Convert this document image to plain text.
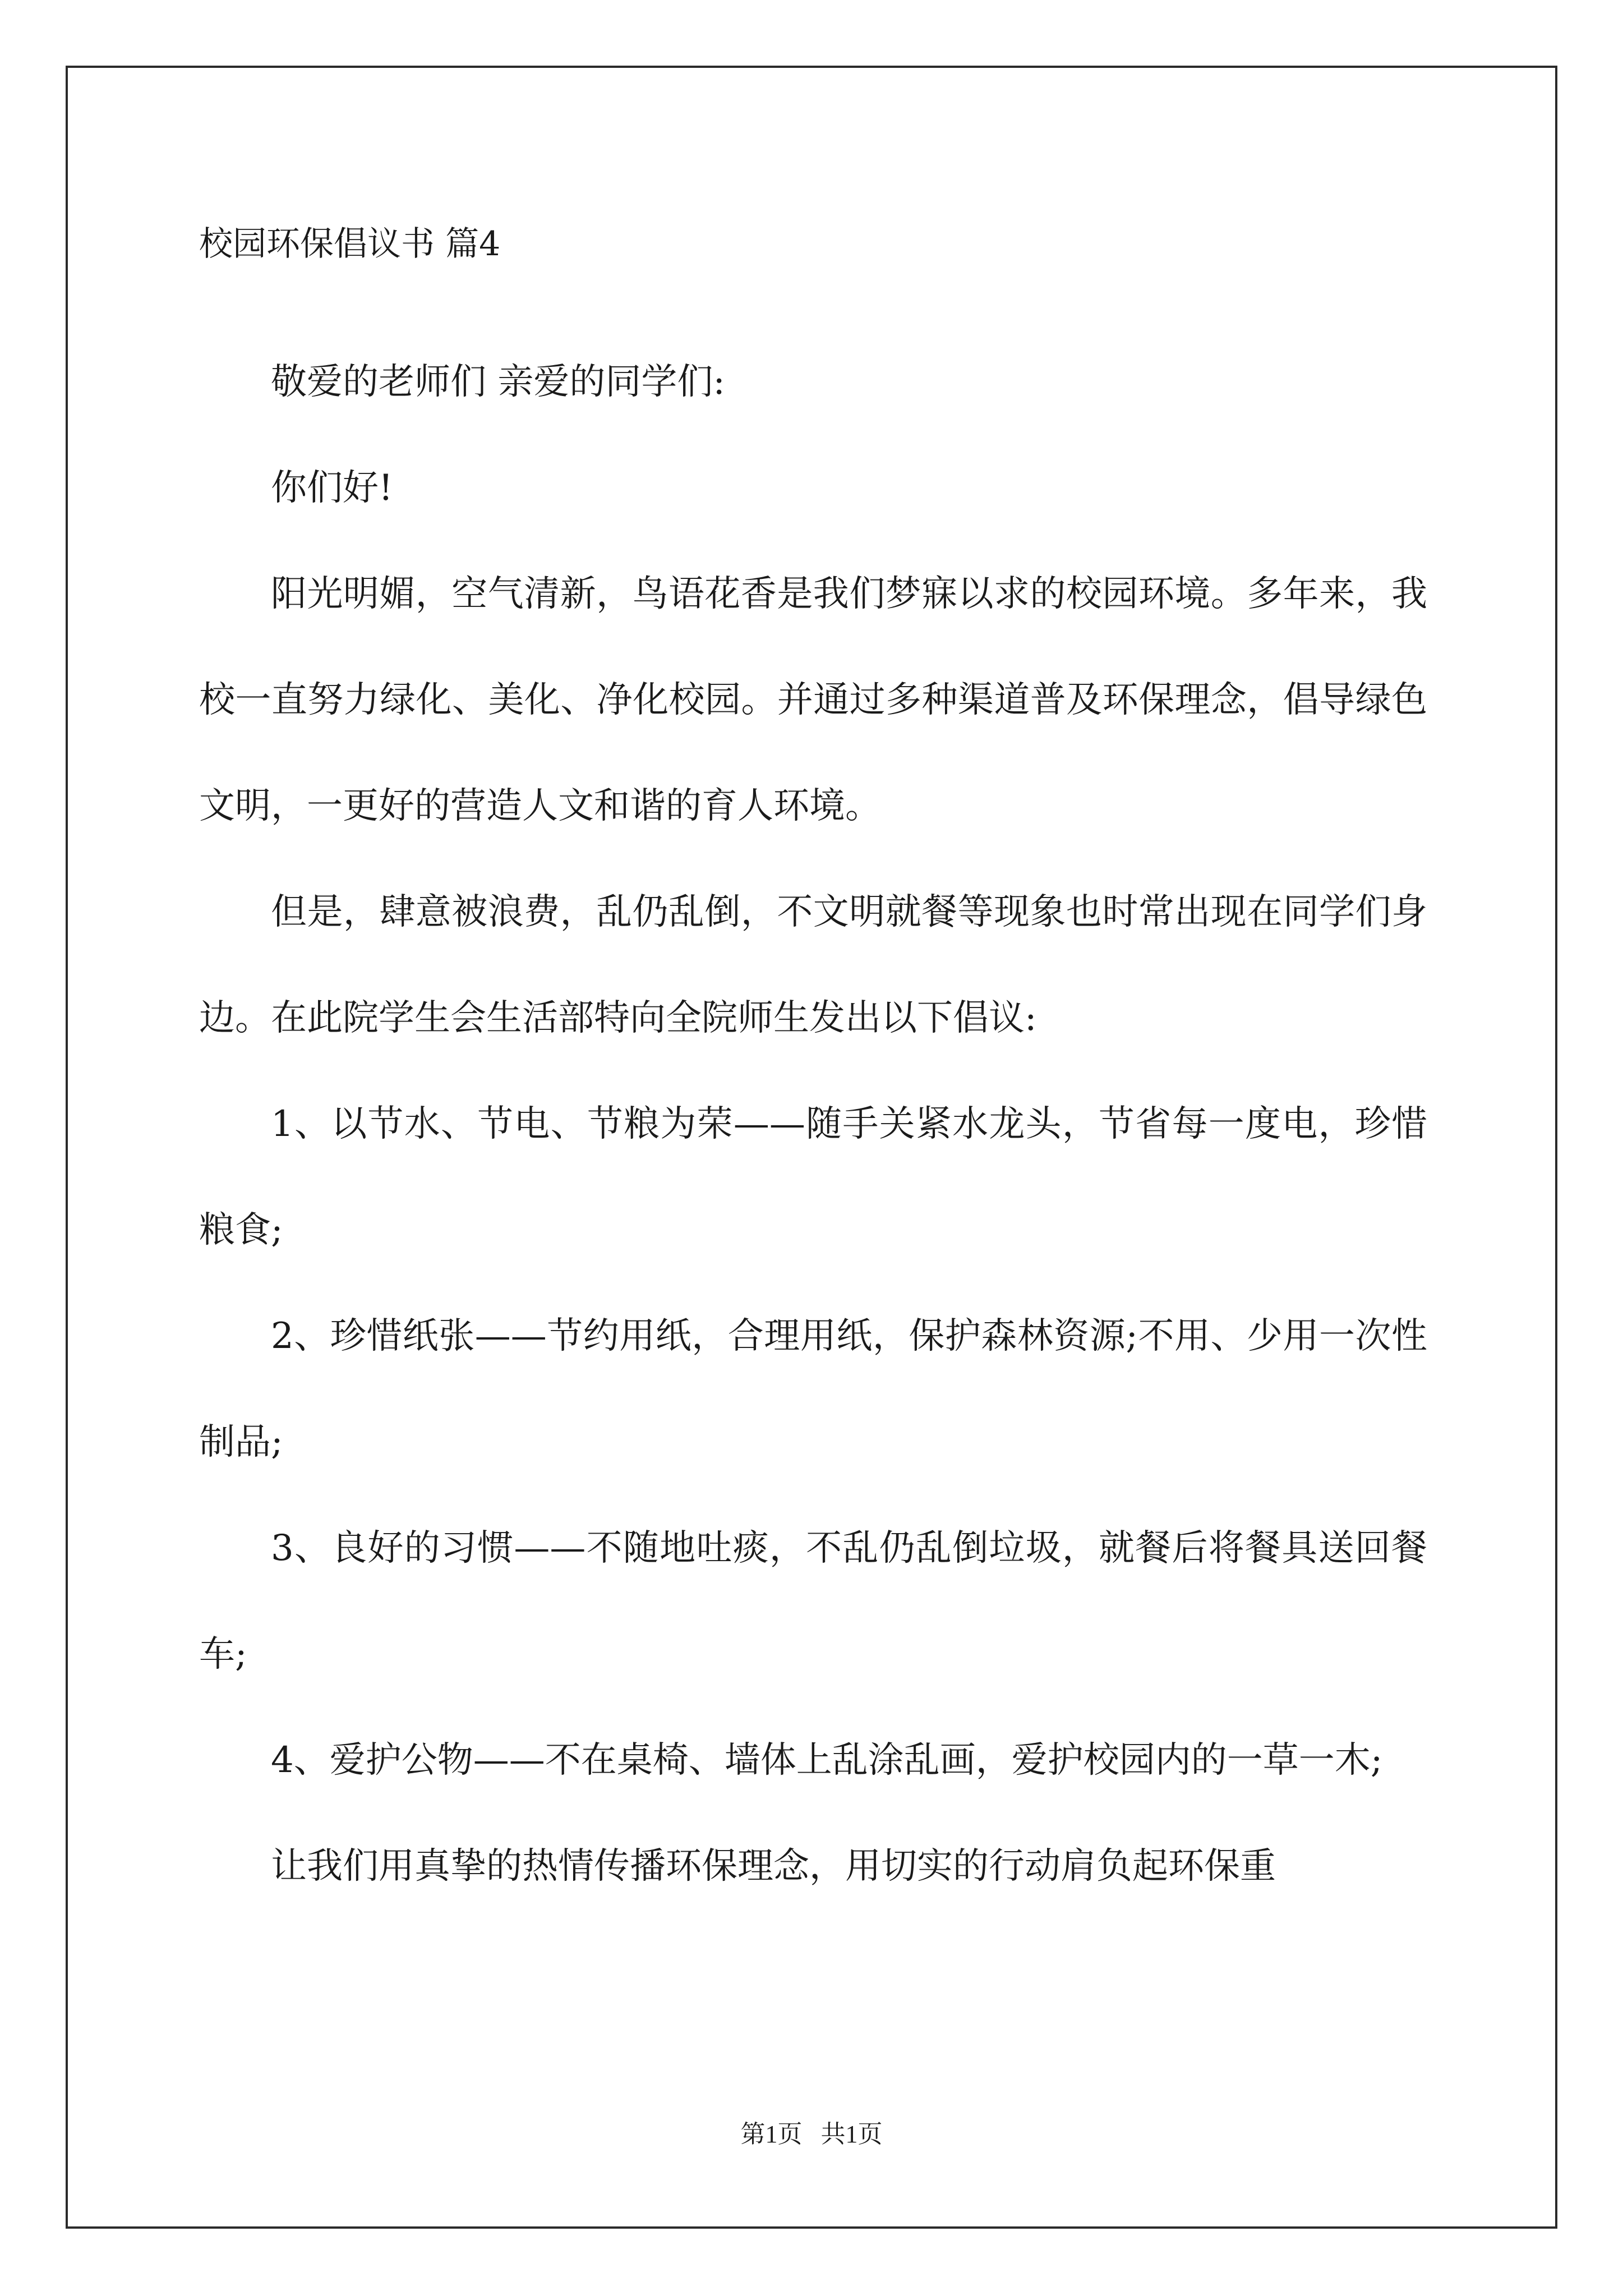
校园环保倡议书 篇4

敬爱的老师们 亲爱的同学们:

你们好!

阳光明媚，空气清新，鸟语花香是我们梦寐以求的校园环境。多年来，我校一直努力绿化、美化、净化校园。并通过多种渠道普及环保理念，倡导绿色文明，一更好的营造人文和谐的育人环境。

但是，肆意被浪费，乱仍乱倒，不文明就餐等现象也时常出现在同学们身边。在此院学生会生活部特向全院师生发出以下倡议:

1、以节水、节电、节粮为荣——随手关紧水龙头，节省每一度电，珍惜粮食;

2、珍惜纸张——节约用纸，合理用纸，保护森林资源;不用、少用一次性制品;

3、良好的习惯——不随地吐痰，不乱仍乱倒垃圾，就餐后将餐具送回餐车;

4、爱护公物——不在桌椅、墙体上乱涂乱画，爱护校园内的一草一木;

让我们用真挚的热情传播环保理念，用切实的行动肩负起环保重

第1页   共1页
